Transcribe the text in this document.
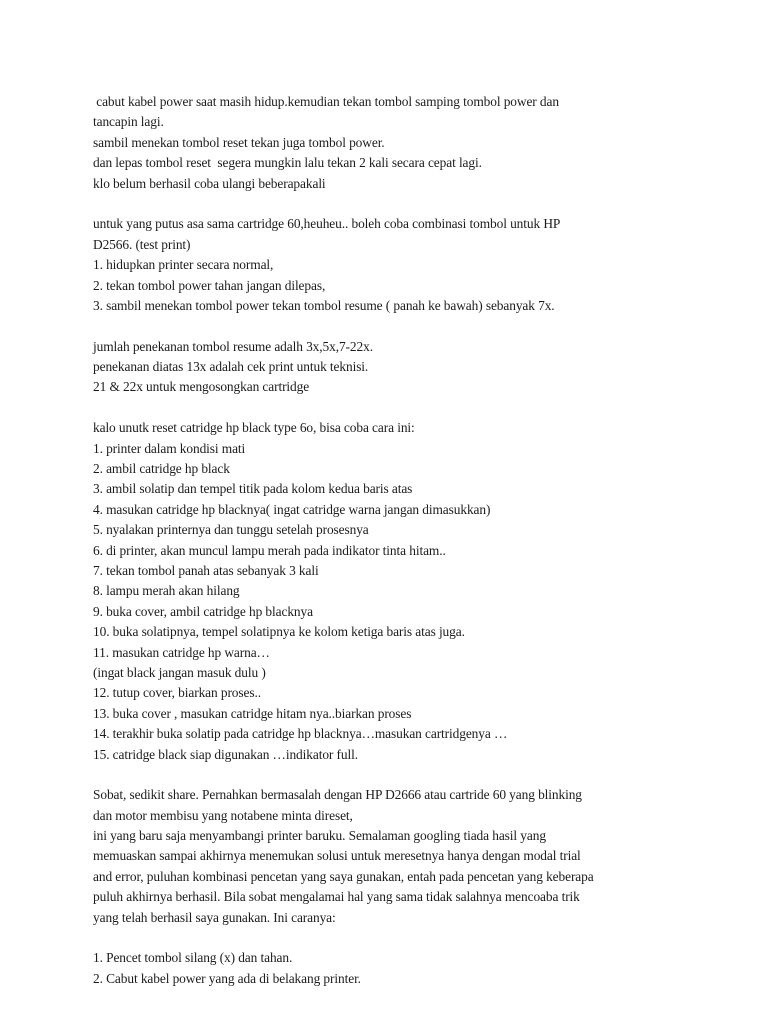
cabut kabel power saat masih hidup.kemudian tekan tombol samping tombol power dan
tancapin lagi.
sambil menekan tombol reset tekan juga tombol power.
dan lepas tombol reset  segera mungkin lalu tekan 2 kali secara cepat lagi.
klo belum berhasil coba ulangi beberapakali
untuk yang putus asa sama cartridge 60,heuheu.. boleh coba combinasi tombol untuk HP
D2566. (test print)
1. hidupkan printer secara normal,
2. tekan tombol power tahan jangan dilepas,
3. sambil menekan tombol power tekan tombol resume ( panah ke bawah) sebanyak 7x.
jumlah penekanan tombol resume adalh 3x,5x,7-22x.
penekanan diatas 13x adalah cek print untuk teknisi.
21 & 22x untuk mengosongkan cartridge
kalo unutk reset catridge hp black type 6o, bisa coba cara ini:
1. printer dalam kondisi mati
2. ambil catridge hp black
3. ambil solatip dan tempel titik pada kolom kedua baris atas
4. masukan catridge hp blacknya( ingat catridge warna jangan dimasukkan)
5. nyalakan printernya dan tunggu setelah prosesnya
6. di printer, akan muncul lampu merah pada indikator tinta hitam..
7. tekan tombol panah atas sebanyak 3 kali
8. lampu merah akan hilang
9. buka cover, ambil catridge hp blacknya
10. buka solatipnya, tempel solatipnya ke kolom ketiga baris atas juga.
11. masukan catridge hp warna…
(ingat black jangan masuk dulu )
12. tutup cover, biarkan proses..
13. buka cover , masukan catridge hitam nya..biarkan proses
14. terakhir buka solatip pada catridge hp blacknya…masukan cartridgenya …
15. catridge black siap digunakan …indikator full.
Sobat, sedikit share. Pernahkan bermasalah dengan HP D2666 atau cartride 60 yang blinking
dan motor membisu yang notabene minta direset,
ini yang baru saja menyambangi printer baruku. Semalaman googling tiada hasil yang
memuaskan sampai akhirnya menemukan solusi untuk meresetnya hanya dengan modal trial
and error, puluhan kombinasi pencetan yang saya gunakan, entah pada pencetan yang keberapa
puluh akhirnya berhasil. Bila sobat mengalamai hal yang sama tidak salahnya mencoaba trik
yang telah berhasil saya gunakan. Ini caranya:
1. Pencet tombol silang (x) dan tahan.
2. Cabut kabel power yang ada di belakang printer.
